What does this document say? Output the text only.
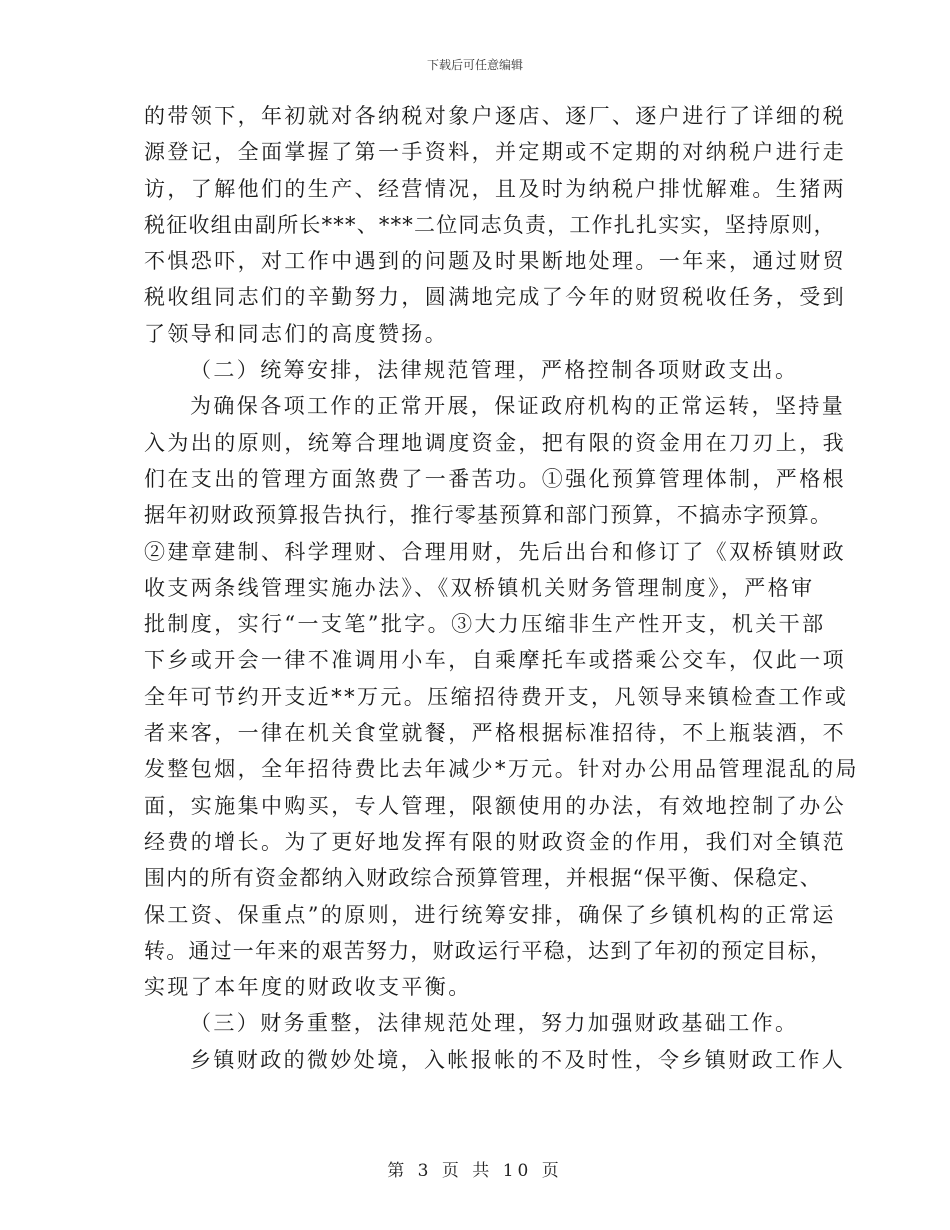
下载后可任意编辑
的带领下，年初就对各纳税对象户逐店、逐厂、逐户进行了详细的税
源登记，全面掌握了第一手资料，并定期或不定期的对纳税户进行走
访，了解他们的生产、经营情况，且及时为纳税户排忧解难。生猪两
税征收组由副所长***、***二位同志负责，工作扎扎实实，坚持原则，
不惧恐吓，对工作中遇到的问题及时果断地处理。一年来，通过财贸
税收组同志们的辛勤努力，圆满地完成了今年的财贸税收任务，受到
了领导和同志们的高度赞扬。
（二）统筹安排，法律规范管理，严格控制各项财政支出。
为确保各项工作的正常开展，保证政府机构的正常运转，坚持量
入为出的原则，统筹合理地调度资金，把有限的资金用在刀刃上，我
们在支出的管理方面煞费了一番苦功。①强化预算管理体制，严格根
据年初财政预算报告执行，推行零基预算和部门预算，不搞赤字预算。
②建章建制、科学理财、合理用财，先后出台和修订了《双桥镇财政
收支两条线管理实施办法》、《双桥镇机关财务管理制度》，严格审
批制度，实行“一支笔”批字。③大力压缩非生产性开支，机关干部
下乡或开会一律不准调用小车，自乘摩托车或搭乘公交车，仅此一项
全年可节约开支近**万元。压缩招待费开支，凡领导来镇检查工作或
者来客，一律在机关食堂就餐，严格根据标准招待，不上瓶装酒，不
发整包烟，全年招待费比去年减少*万元。针对办公用品管理混乱的局
面，实施集中购买，专人管理，限额使用的办法，有效地控制了办公
经费的增长。为了更好地发挥有限的财政资金的作用，我们对全镇范
围内的所有资金都纳入财政综合预算管理，并根据“保平衡、保稳定、
保工资、保重点”的原则，进行统筹安排，确保了乡镇机构的正常运
转。通过一年来的艰苦努力，财政运行平稳，达到了年初的预定目标，
实现了本年度的财政收支平衡。
（三）财务重整，法律规范处理，努力加强财政基础工作。
乡镇财政的微妙处境，入帐报帐的不及时性，令乡镇财政工作人
第 3 页 共 10 页
